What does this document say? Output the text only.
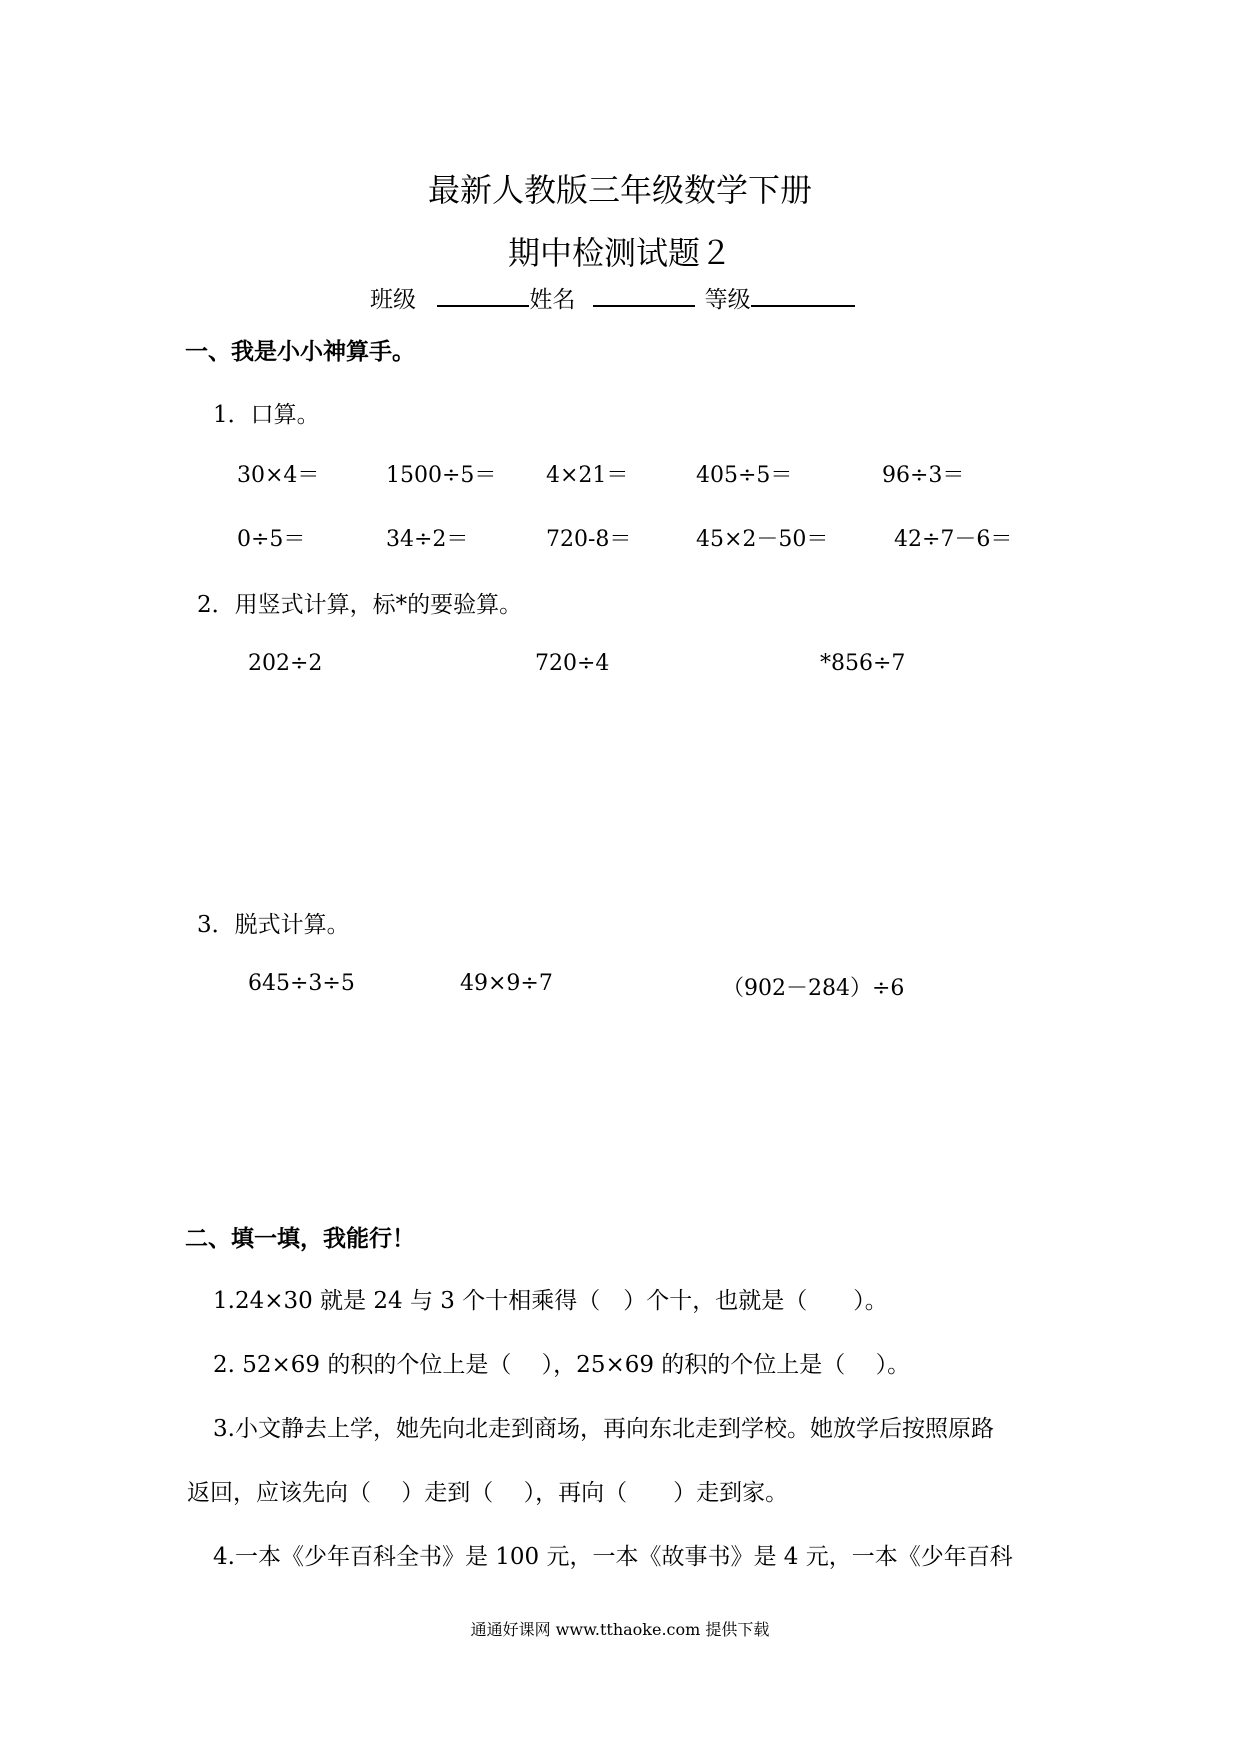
最新人教版三年级数学下册
期中检测试题２
班级	姓名	等级
一、我是小小神算手。
1．口算。
30×4＝	1500÷5＝ 4×21＝	405÷5＝	96÷3＝
0÷5＝	34÷2＝	720-8＝	45×2－50＝	42÷7－6＝
2．用竖式计算，标*的要验算。
202÷2	720÷4	*856÷7
3．脱式计算。
645÷3÷5	49×9÷7	（902－284）÷6
二、填一填，我能行！
1.24×30 就是 24 与 3 个十相乘得（　）个十，也就是（　　）。
2. 52×69 的积的个位上是（　 ），25×69 的积的个位上是（　 ）。
3.小文静去上学，她先向北走到商场，再向东北走到学校。她放学后按照原路
返回，应该先向（　 ）走到（　 ），再向（　　）走到家。
4.一本《少年百科全书》是 100 元，一本《故事书》是 4 元，一本《少年百科
通通好课网 www.tthaoke.com 提供下载
